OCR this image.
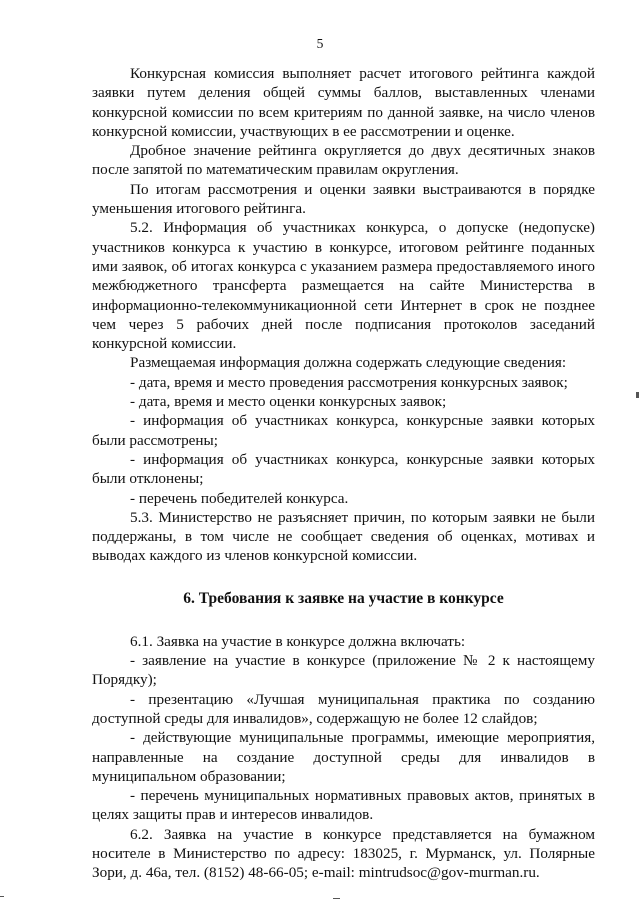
5

Конкурсная комиссия выполняет расчет итогового рейтинга каждой заявки путем деления общей суммы баллов, выставленных членами конкурсной комиссии по всем критериям по данной заявке, на число членов конкурсной комиссии, участвующих в ее рассмотрении и оценке.

Дробное значение рейтинга округляется до двух десятичных знаков после запятой по математическим правилам округления.

По итогам рассмотрения и оценки заявки выстраиваются в порядке уменьшения итогового рейтинга.

5.2. Информация об участниках конкурса, о допуске (недопуске) участников конкурса к участию в конкурсе, итоговом рейтинге поданных ими заявок, об итогах конкурса с указанием размера предоставляемого иного межбюджетного трансферта размещается на сайте Министерства в информационно-телекоммуникационной сети Интернет в срок не позднее чем через 5 рабочих дней после подписания протоколов заседаний конкурсной комиссии.

Размещаемая информация должна содержать следующие сведения:

- дата, время и место проведения рассмотрения конкурсных заявок;

- дата, время и место оценки конкурсных заявок;

- информация об участниках конкурса, конкурсные заявки которых были рассмотрены;

- информация об участниках конкурса, конкурсные заявки которых были отклонены;

- перечень победителей конкурса.

5.3. Министерство не разъясняет причин, по которым заявки не были поддержаны, в том числе не сообщает сведения об оценках, мотивах и выводах каждого из членов конкурсной комиссии.

6. Требования к заявке на участие в конкурсе

6.1. Заявка на участие в конкурсе должна включать:

- заявление на участие в конкурсе (приложение № 2 к настоящему Порядку);

- презентацию «Лучшая муниципальная практика по созданию доступной среды для инвалидов», содержащую не более 12 слайдов;

- действующие муниципальные программы, имеющие мероприятия, направленные на создание доступной среды для инвалидов в муниципальном образовании;

- перечень муниципальных нормативных правовых актов, принятых в целях защиты прав и интересов инвалидов.

6.2. Заявка на участие в конкурсе представляется на бумажном носителе в Министерство по адресу: 183025, г. Мурманск, ул. Полярные Зори, д. 46а, тел. (8152) 48-66-05; e-mail: mintrudsoc@gov-murman.ru.
